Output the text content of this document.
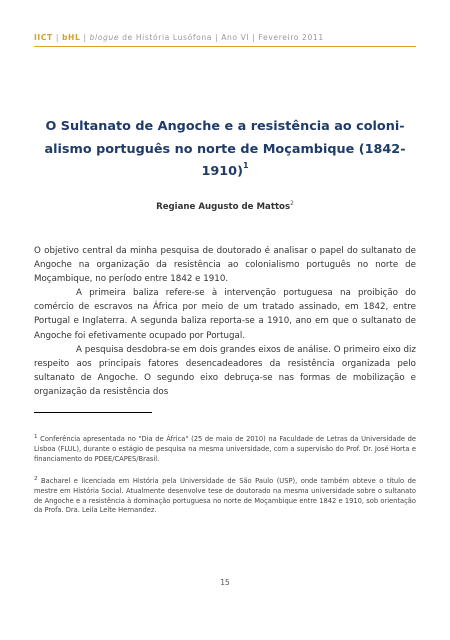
IICT | bHL | blogue de História Lusófona | Ano VI | Fevereiro 2011
O Sultanato de Angoche e a resistência ao coloni-
alismo português no norte de Moçambique (1842-
1910)$^1$
Regiane Augusto de Mattos$^2$

O objetivo central da minha pesquisa de doutorado é analisar o papel do sultanato de Angoche na organização da resistência ao colonialismo português no norte de Moçambique, no período entre 1842 e 1910.

A primeira baliza refere-se à intervenção portuguesa na proibição do comércio de escravos na África por meio de um tratado assinado, em 1842, entre Portugal e Inglaterra. A segunda baliza reporta-se a 1910, ano em que o sultanato de Angoche foi efetivamente ocupado por Portugal.

A pesquisa desdobra-se em dois grandes eixos de análise. O primeiro eixo diz respeito aos principais fatores desencadeadores da resistência organizada pelo sultanato de Angoche. O segundo eixo debruça-se nas formas de mobilização e organização da resistência dos

$^1$ Conferência apresentada no "Dia de África" (25 de maio de 2010) na Faculdade de Letras da Universidade de Lisboa (FLUL), durante o estágio de pesquisa na mesma universidade, com a supervisão do Prof. Dr. José Horta e financiamento do PDEE/CAPES/Brasil.

$^2$ Bacharel e licenciada em História pela Universidade de São Paulo (USP), onde também obteve o título de mestre em História Social. Atualmente desenvolve tese de doutorado na mesma universidade sobre o sultanato de Angoche e a resistência à dominação portuguesa no norte de Moçambique entre 1842 e 1910, sob orientação da Profa. Dra. Leila Leite Hernandez.

15
